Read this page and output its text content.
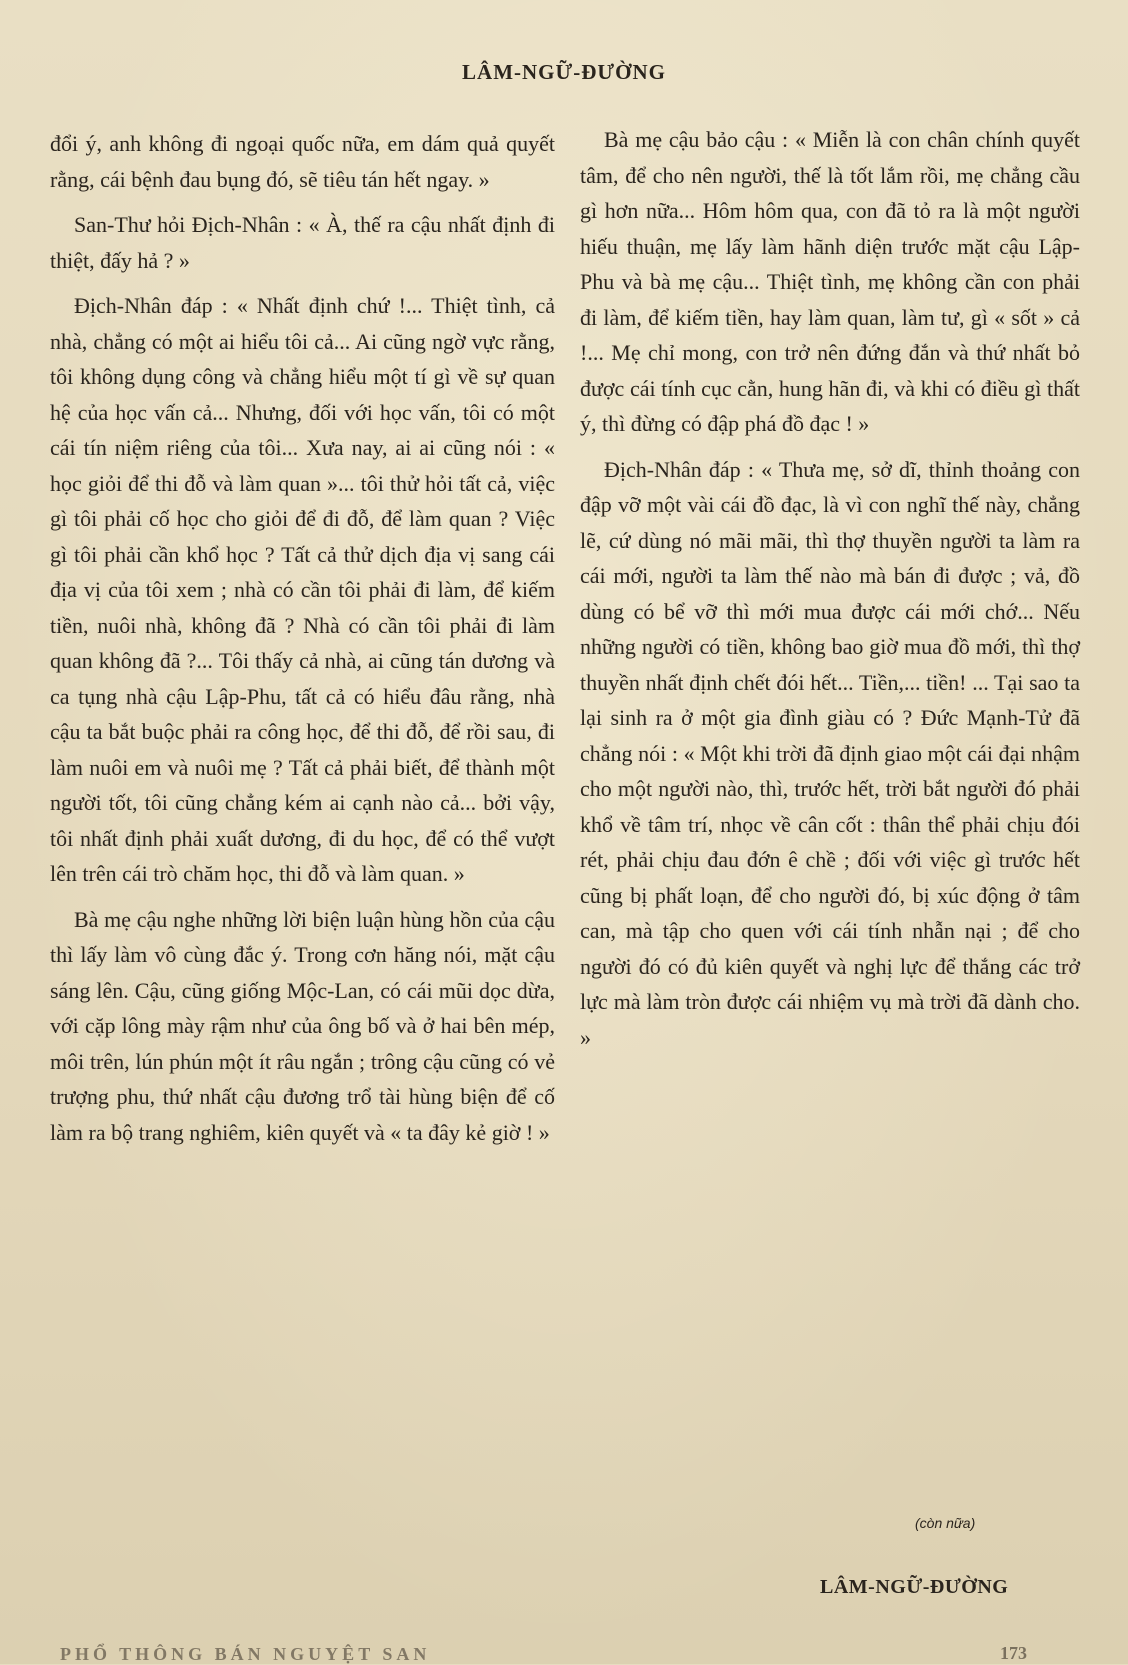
LÂM-NGỮ-ĐƯỜNG

đổi ý, anh không đi ngoại quốc nữa, em dám quả quyết rằng, cái bệnh đau bụng đó, sẽ tiêu tán hết ngay. »

San-Thư hỏi Địch-Nhân : « À, thế ra cậu nhất định đi thiệt, đấy hả ? »

Địch-Nhân đáp : « Nhất định chứ !... Thiệt tình, cả nhà, chẳng có một ai hiểu tôi cả... Ai cũng ngờ vực rằng, tôi không dụng công và chẳng hiểu một tí gì về sự quan hệ của học vấn cả... Nhưng, đối với học vấn, tôi có một cái tín niệm riêng của tôi... Xưa nay, ai ai cũng nói : « học giỏi để thi đỗ và làm quan »... tôi thử hỏi tất cả, việc gì tôi phải cố học cho giỏi để đi đỗ, để làm quan ? Việc gì tôi phải cần khổ học ? Tất cả thử dịch địa vị sang cái địa vị của tôi xem ; nhà có cần tôi phải đi làm, để kiếm tiền, nuôi nhà, không đã ? Nhà có cần tôi phải đi làm quan không đã ?... Tôi thấy cả nhà, ai cũng tán dương và ca tụng nhà cậu Lập-Phu, tất cả có hiểu đâu rằng, nhà cậu ta bắt buộc phải ra công học, để thi đỗ, để rồi sau, đi làm nuôi em và nuôi mẹ ? Tất cả phải biết, để thành một người tốt, tôi cũng chẳng kém ai cạnh nào cả... bởi vậy, tôi nhất định phải xuất dương, đi du học, để có thể vượt lên trên cái trò chăm học, thi đỗ và làm quan. »

Bà mẹ cậu nghe những lời biện luận hùng hồn của cậu thì lấy làm vô cùng đắc ý. Trong cơn hăng nói, mặt cậu sáng lên. Cậu, cũng giống Mộc-Lan, có cái mũi dọc dừa, với cặp lông mày rậm như của ông bố và ở hai bên mép, môi trên, lún phún một ít râu ngắn ; trông cậu cũng có vẻ trượng phu, thứ nhất cậu đương trổ tài hùng biện để cố làm ra bộ trang nghiêm, kiên quyết và « ta đây kẻ giờ ! »

Bà mẹ cậu bảo cậu : « Miễn là con chân chính quyết tâm, để cho nên người, thế là tốt lắm rồi, mẹ chẳng cầu gì hơn nữa... Hôm hôm qua, con đã tỏ ra là một người hiếu thuận, mẹ lấy làm hãnh diện trước mặt cậu Lập-Phu và bà mẹ cậu... Thiệt tình, mẹ không cần con phải đi làm, để kiếm tiền, hay làm quan, làm tư, gì « sốt » cả !... Mẹ chỉ mong, con trở nên đứng đắn và thứ nhất bỏ được cái tính cục cằn, hung hãn đi, và khi có điều gì thất ý, thì đừng có đập phá đồ đạc ! »

Địch-Nhân đáp : « Thưa mẹ, sở dĩ, thỉnh thoảng con đập vỡ một vài cái đồ đạc, là vì con nghĩ thế này, chẳng lẽ, cứ dùng nó mãi mãi, thì thợ thuyền người ta làm ra cái mới, người ta làm thế nào mà bán đi được ; vả, đồ dùng có bể vỡ thì mới mua được cái mới chớ... Nếu những người có tiền, không bao giờ mua đồ mới, thì thợ thuyền nhất định chết đói hết... Tiền,... tiền! ... Tại sao ta lại sinh ra ở một gia đình giàu có ? Đức Mạnh-Tử đã chẳng nói : « Một khi trời đã định giao một cái đại nhậm cho một người nào, thì, trước hết, trời bắt người đó phải khổ về tâm trí, nhọc về cân cốt : thân thể phải chịu đói rét, phải chịu đau đớn ê chề ; đối với việc gì trước hết cũng bị phất loạn, để cho người đó, bị xúc động ở tâm can, mà tập cho quen với cái tính nhẫn nại ; để cho người đó có đủ kiên quyết và nghị lực để thắng các trở lực mà làm tròn được cái nhiệm vụ mà trời đã dành cho. »

(còn nữa)
LÂM-NGỮ-ĐƯỜNG
PHỔ THÔNG BÁN NGUYỆT SAN	173
